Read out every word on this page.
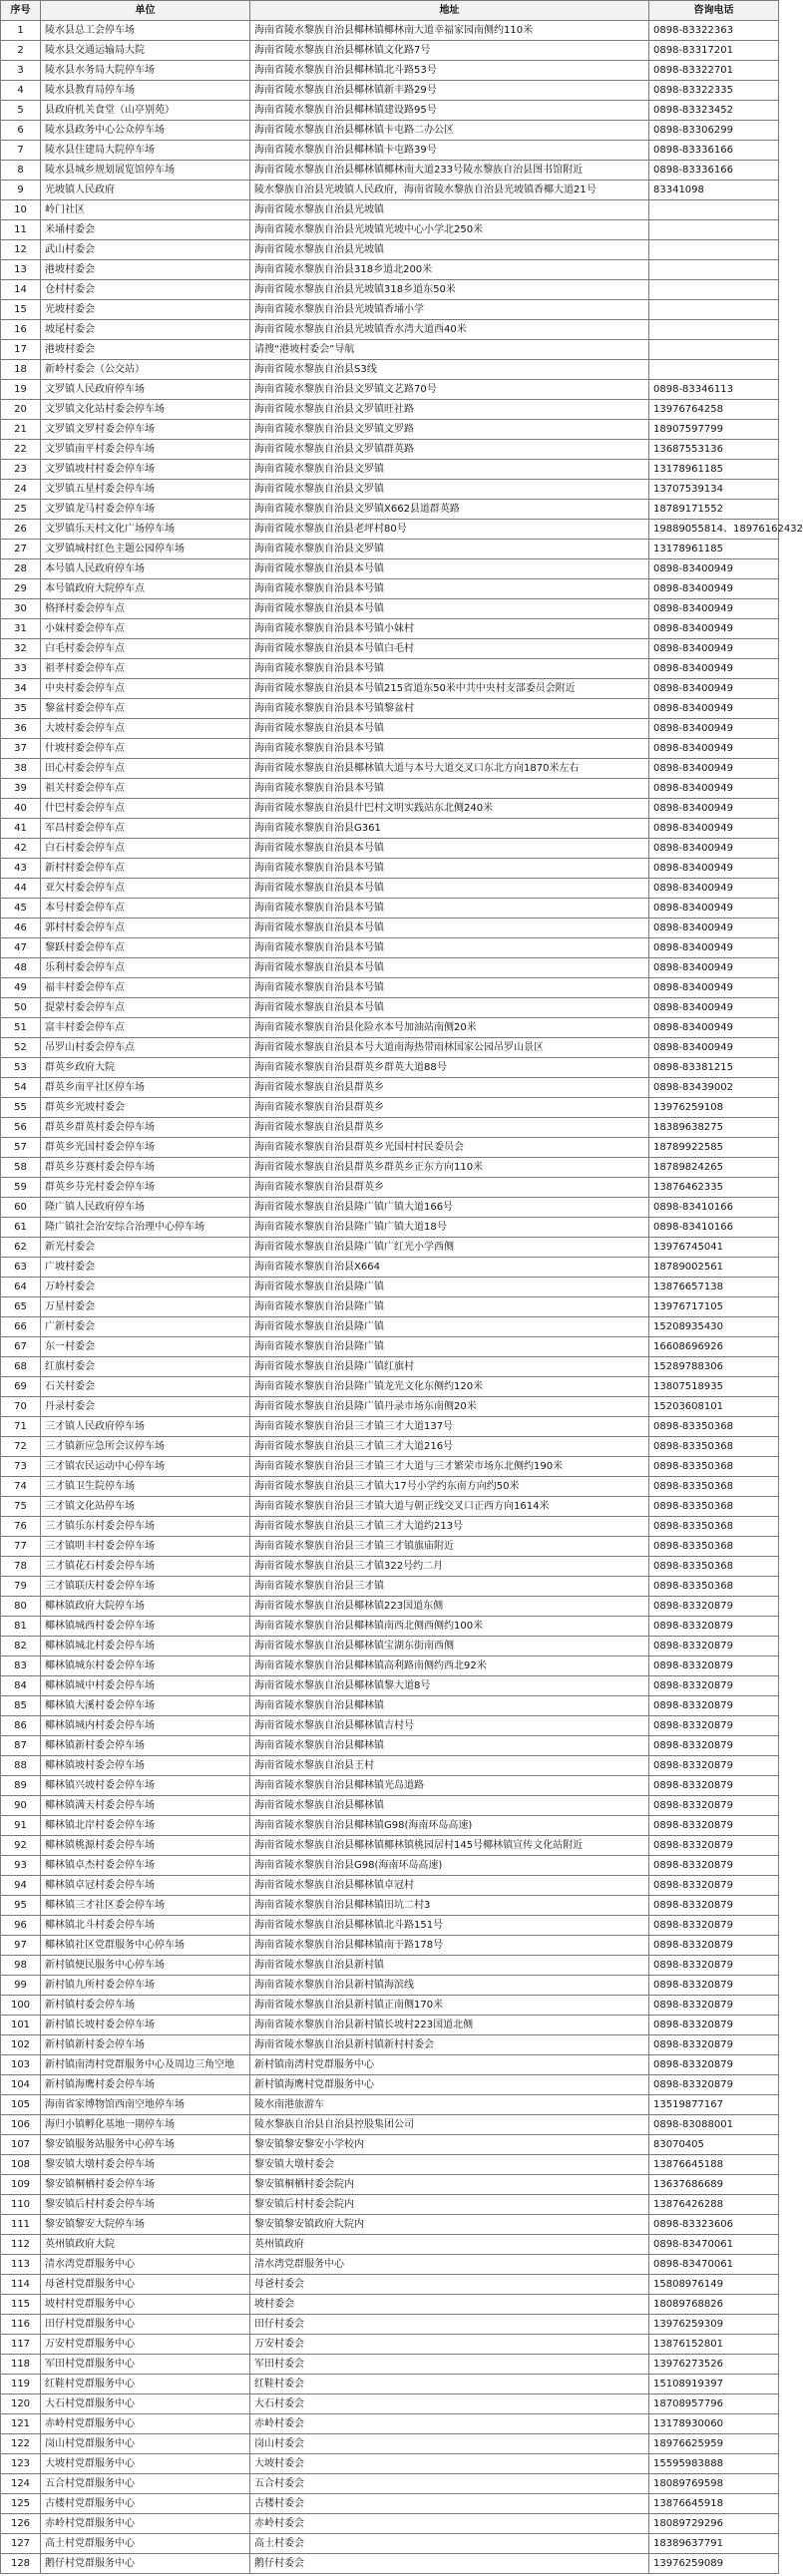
序号	单位	地址	咨询电话
1	陵水县总工会停车场	海南省陵水黎族自治县椰林镇椰林南大道幸福家园南侧约110米	0898-83322363
2	陵水县交通运输局大院	海南省陵水黎族自治县椰林镇文化路7号	0898-83317201
3	陵水县水务局大院停车场	海南省陵水黎族自治县椰林镇北斗路53号	0898-83322701
4	陵水县教育局停车场	海南省陵水黎族自治县椰林镇新丰路29号	0898-83322335
5	县政府机关食堂（山亭别苑）	海南省陵水黎族自治县椰林镇建设路95号	0898-83323452
6	陵水县政务中心公众停车场	海南省陵水黎族自治县椰林镇卡屯路二办公区	0898-83306299
7	陵水县住建局大院停车场	海南省陵水黎族自治县椰林镇卡屯路39号	0898-83336166
8	陵水县城乡规划展览馆停车场	海南省陵水黎族自治县椰林镇椰林南大道233号陵水黎族自治县图书馆附近	0898-83336166
9	光坡镇人民政府	陵水黎族自治县光坡镇人民政府，海南省陵水黎族自治县光坡镇香椰大道21号	83341098
10	岭门社区	海南省陵水黎族自治县光坡镇	
11	米埇村委会	海南省陵水黎族自治县光坡镇光坡中心小学北250米	
12	武山村委会	海南省陵水黎族自治县光坡镇	
13	港坡村委会	海南省陵水黎族自治县318乡道北200米	
14	仓村村委会	海南省陵水黎族自治县光坡镇318乡道东50米	
15	光坡村委会	海南省陵水黎族自治县光坡镇香埇小学	
16	坡尾村委会	海南省陵水黎族自治县光坡镇香水湾大道西40米	
17	港坡村委会	请搜“港坡村委会”导航	
18	新岭村委会（公交站）	海南省陵水黎族自治县S3线	
19	文罗镇人民政府停车场	海南省陵水黎族自治县文罗镇文艺路70号	0898-83346113
20	文罗镇文化站村委会停车场	海南省陵水黎族自治县文罗镇旺社路	13976764258
21	文罗镇文罗村委会停车场	海南省陵水黎族自治县文罗镇文罗路	18907597799
22	文罗镇南平村委会停车场	海南省陵水黎族自治县文罗镇群英路	13687553136
23	文罗镇坡村村委会停车场	海南省陵水黎族自治县文罗镇	13178961185
24	文罗镇五星村委会停车场	海南省陵水黎族自治县文罗镇	13707539134
25	文罗镇龙马村委会停车场	海南省陵水黎族自治县文罗镇X662县道群英路	18789171552
26	文罗镇乐天村文化广场停车场	海南省陵水黎族自治县老坪村80号	19889055814、18976162432
27	文罗镇城村红色主题公园停车场	海南省陵水黎族自治县文罗镇	13178961185
28	本号镇人民政府停车场	海南省陵水黎族自治县本号镇	0898-83400949
29	本号镇政府大院停车点	海南省陵水黎族自治县本号镇	0898-83400949
30	格择村委会停车点	海南省陵水黎族自治县本号镇	0898-83400949
31	小妹村委会停车点	海南省陵水黎族自治县本号镇小妹村	0898-83400949
32	白毛村委会停车点	海南省陵水黎族自治县本号镇白毛村	0898-83400949
33	祖孝村委会停车点	海南省陵水黎族自治县本号镇	0898-83400949
34	中央村委会停车点	海南省陵水黎族自治县本号镇215省道东50米中共中央村支部委员会附近	0898-83400949
35	黎盆村委会停车点	海南省陵水黎族自治县本号镇黎盆村	0898-83400949
36	大坡村委会停车点	海南省陵水黎族自治县本号镇	0898-83400949
37	什坡村委会停车点	海南省陵水黎族自治县本号镇	0898-83400949
38	田心村委会停车点	海南省陵水黎族自治县椰林镇大道与本号大道交叉口东北方向1870米左右	0898-83400949
39	祖关村委会停车点	海南省陵水黎族自治县本号镇	0898-83400949
40	什巴村委会停车点	海南省陵水黎族自治县什巴村文明实践站东北侧240米	0898-83400949
41	军昌村委会停车点	海南省陵水黎族自治县G361	0898-83400949
42	白石村委会停车点	海南省陵水黎族自治县本号镇	0898-83400949
43	新村村委会停车点	海南省陵水黎族自治县本号镇	0898-83400949
44	亚欠村委会停车点	海南省陵水黎族自治县本号镇	0898-83400949
45	本号村委会停车点	海南省陵水黎族自治县本号镇	0898-83400949
46	郭村村委会停车点	海南省陵水黎族自治县本号镇	0898-83400949
47	黎跃村委会停车点	海南省陵水黎族自治县本号镇	0898-83400949
48	乐利村委会停车点	海南省陵水黎族自治县本号镇	0898-83400949
49	福丰村委会停车点	海南省陵水黎族自治县本号镇	0898-83400949
50	提蒙村委会停车点	海南省陵水黎族自治县本号镇	0898-83400949
51	富丰村委会停车点	海南省陵水黎族自治县化险水本号加油站南侧20米	0898-83400949
52	吊罗山村委会停车点	海南省陵水黎族自治县本号大道南海热带雨林国家公园吊罗山景区	0898-83400949
53	群英乡政府大院	海南省陵水黎族自治县群英乡群英大道88号	0898-83381215
54	群英乡南平社区停车场	海南省陵水黎族自治县群英乡	0898-83439002
55	群英乡光坡村委会	海南省陵水黎族自治县群英乡	13976259108
56	群英乡群英村委会停车场	海南省陵水黎族自治县群英乡	18389638275
57	群英乡光国村委会停车场	海南省陵水黎族自治县群英乡光国村村民委员会	18789922585
58	群英乡芬赛村委会停车场	海南省陵水黎族自治县群英乡群英乡正东方向110米	18789824265
59	群英乡芬光村委会停车场	海南省陵水黎族自治县群英乡	13876462335
60	隆广镇人民政府停车场	海南省陵水黎族自治县隆广镇广镇大道166号	0898-83410166
61	隆广镇社会治安综合治理中心停车场	海南省陵水黎族自治县隆广镇广镇大道18号	0898-83410166
62	新光村委会	海南省陵水黎族自治县隆广镇广红光小学西侧	13976745041
63	广坡村委会	海南省陵水黎族自治县X664	18789002561
64	万岭村委会	海南省陵水黎族自治县隆广镇	13876657138
65	万星村委会	海南省陵水黎族自治县隆广镇	13976717105
66	广新村委会	海南省陵水黎族自治县隆广镇	15208935430
67	东一村委会	海南省陵水黎族自治县隆广镇	16608696926
68	红旗村委会	海南省陵水黎族自治县隆广镇红旗村	15289788306
69	石关村委会	海南省陵水黎族自治县隆广镇龙光文化东侧约120米	13807518935
70	丹录村委会	海南省陵水黎族自治县隆广镇丹录市场东南侧20米	15203608101
71	三才镇人民政府停车场	海南省陵水黎族自治县三才镇三才大道137号	0898-83350368
72	三才镇新应急所会议停车场	海南省陵水黎族自治县三才镇三才大道216号	0898-83350368
73	三才镇农民运动中心停车场	海南省陵水黎族自治县三才镇三才大道与三才繁荣市场东北侧约190米	0898-83350368
74	三才镇卫生院停车场	海南省陵水黎族自治县三才镇大17号小学约东南方向约50米	0898-83350368
75	三才镇文化站停车场	海南省陵水黎族自治县三才镇大道与朝正线交叉口正西方向1614米	0898-83350368
76	三才镇乐东村委会停车场	海南省陵水黎族自治县三才镇三才大道约213号	0898-83350368
77	三才镇明丰村委会停车场	海南省陵水黎族自治县三才镇三才镇旗庙附近	0898-83350368
78	三才镇花石村委会停车场	海南省陵水黎族自治县三才镇322号约二月	0898-83350368
79	三才镇联庆村委会停车场	海南省陵水黎族自治县三才镇	0898-83350368
80	椰林镇政府大院停车场	海南省陵水黎族自治县椰林镇223国道东侧	0898-83320879
81	椰林镇城西村委会停车场	海南省陵水黎族自治县椰林镇南西北侧西侧约100米	0898-83320879
82	椰林镇城北村委会停车场	海南省陵水黎族自治县椰林镇宝湖东街南西侧	0898-83320879
83	椰林镇城东村委会停车场	海南省陵水黎族自治县椰林镇高利路南侧约西北92米	0898-83320879
84	椰林镇城中村委会停车场	海南省陵水黎族自治县椰林镇黎大道8号	0898-83320879
85	椰林镇大溪村委会停车场	海南省陵水黎族自治县椰林镇	0898-83320879
86	椰林镇城内村委会停车场	海南省陵水黎族自治县椰林镇吉村号	0898-83320879
87	椰林镇新村委会停车场	海南省陵水黎族自治县椰林镇	0898-83320879
88	椰林镇坡村委会停车场	海南省陵水黎族自治县王村	0898-83320879
89	椰林镇兴坡村委会停车场	海南省陵水黎族自治县椰林镇光岛道路	0898-83320879
90	椰林镇满天村委会停车场	海南省陵水黎族自治县椰林镇	0898-83320879
91	椰林镇北岸村委会停车场	海南省陵水黎族自治县椰林镇G98(海南环岛高速)	0898-83320879
92	椰林镇桃源村委会停车场	海南省陵水黎族自治县椰林镇椰林镇桃园居村145号椰林镇宣传文化站附近	0898-83320879
93	椰林镇卓杰村委会停车场	海南省陵水黎族自治县G98(海南环岛高速)	0898-83320879
94	椰林镇卓冠村委会停车场	海南省陵水黎族自治县椰林镇卓冠村	0898-83320879
95	椰林镇三才社区委会停车场	海南省陵水黎族自治县椰林镇田坑二村3	0898-83320879
96	椰林镇北斗村委会停车场	海南省陵水黎族自治县椰林镇北斗路151号	0898-83320879
97	椰林镇社区党群服务中心停车场	海南省陵水黎族自治县椰林镇南干路178号	0898-83320879
98	新村镇便民服务中心停车场	海南省陵水黎族自治县新村镇	0898-83320879
99	新村镇九所村委会停车场	海南省陵水黎族自治县新村镇海滨线	0898-83320879
100	新村镇村委会停车场	海南省陵水黎族自治县新村镇正南侧170米	0898-83320879
101	新村镇长坡村委会停车场	海南省陵水黎族自治县新村镇长坡村223国道北侧	0898-83320879
102	新村镇新村委会停车场	海南省陵水黎族自治县新村镇新村村委会	0898-83320879
103	新村镇南湾村党群服务中心及周边三角空地	新村镇南湾村党群服务中心	0898-83320879
104	新村镇海鹰村委会停车场	新村镇海鹰村党群服务中心	0898-83320879
105	海南省家博物馆西南空地停车场	陵水南港旅游车	13519877167
106	海归小镇孵化基地一期停车场	陵水黎族自治县自治县控股集团公司	0898-83088001
107	黎安镇服务站服务中心停车场	黎安镇黎安黎安小学校内	83070405
108	黎安镇大墩村委会停车场	黎安镇大墩村委会	13876645188
109	黎安镇桐栖村委会停车场	黎安镇桐栖村委会院内	13637686689
110	黎安镇后村村委会停车场	黎安镇后村村委会院内	13876426288
111	黎安镇黎安大院停车场	黎安镇黎安镇政府大院内	0898-83323606
112	英州镇政府大院	英州镇政府	0898-83470061
113	清水湾党群服务中心	清水湾党群服务中心	0898-83470061
114	母爸村党群服务中心	母爸村委会	15808976149
115	坡村村党群服务中心	坡村委会	18089768826
116	田仔村党群服务中心	田仔村委会	13976259309
117	万安村党群服务中心	万安村委会	13876152801
118	军田村党群服务中心	军田村委会	13976273526
119	红鞋村党群服务中心	红鞋村委会	15108919397
120	大石村党群服务中心	大石村委会	18708957796
121	赤岭村党群服务中心	赤岭村委会	13178930060
122	岗山村党群服务中心	岗山村委会	18976625959
123	大坡村党群服务中心	大坡村委会	15595983888
124	五合村党群服务中心	五合村委会	18089769598
125	古楼村党群服务中心	古楼村委会	13876645918
126	赤岭村党群服务中心	赤岭村委会	18089729296
127	高土村党群服务中心	高土村委会	18389637791
128	鹅仔村党群服务中心	鹅仔村委会	13976259089
